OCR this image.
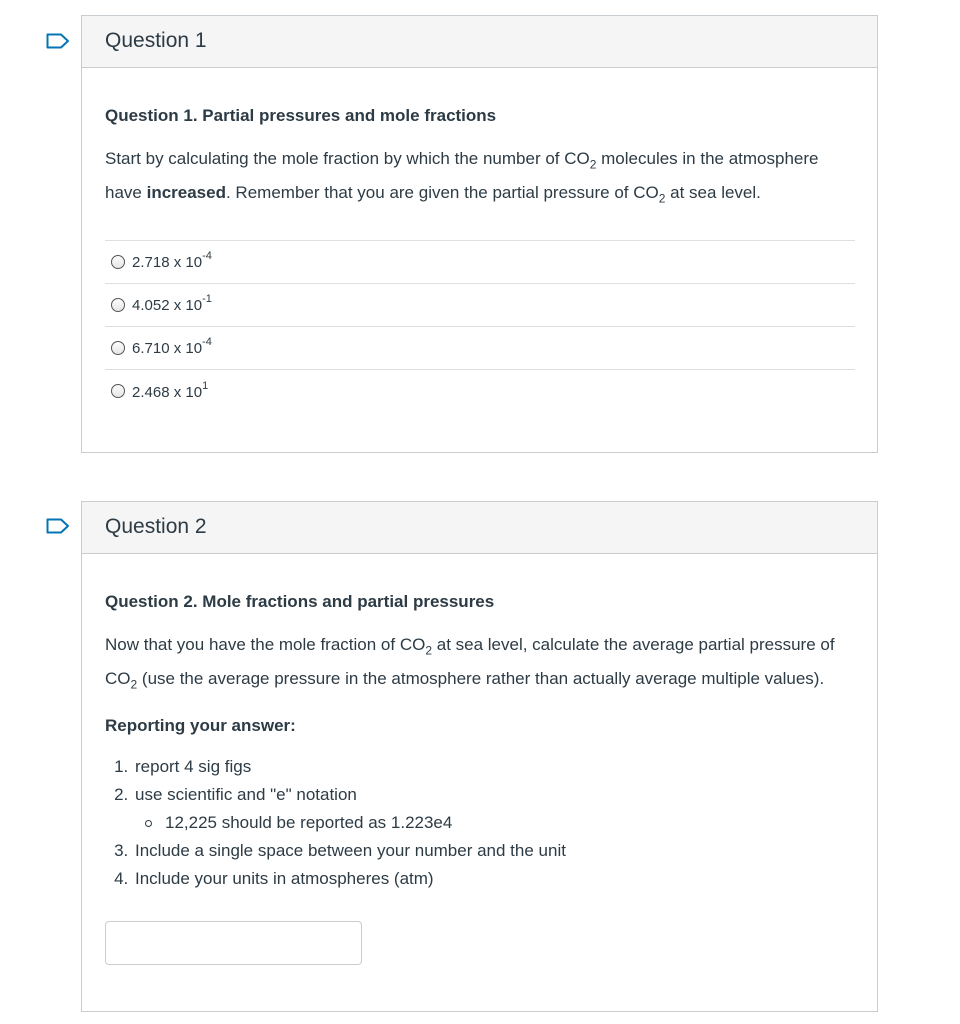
Question 1

Question 1. Partial pressures and mole fractions

Start by calculating the mole fraction by which the number of $CO_2$ molecules in the atmosphere have increased. Remember that you are given the partial pressure of $CO_2$ at sea level.

2.718 x $10^{-4}$
4.052 x $10^{-1}$
6.710 x $10^{-4}$
2.468 x $10^1$
Question 2

Question 2. Mole fractions and partial pressures

Now that you have the mole fraction of $CO_2$ at sea level, calculate the average partial pressure of $CO_2$ (use the average pressure in the atmosphere rather than actually average multiple values).

Reporting your answer:

1. report 4 sig figs
2. use scientific and "e" notation
12,225 should be reported as 1.223e4
3. Include a single space between your number and the unit
4. Include your units in atmospheres (atm)
